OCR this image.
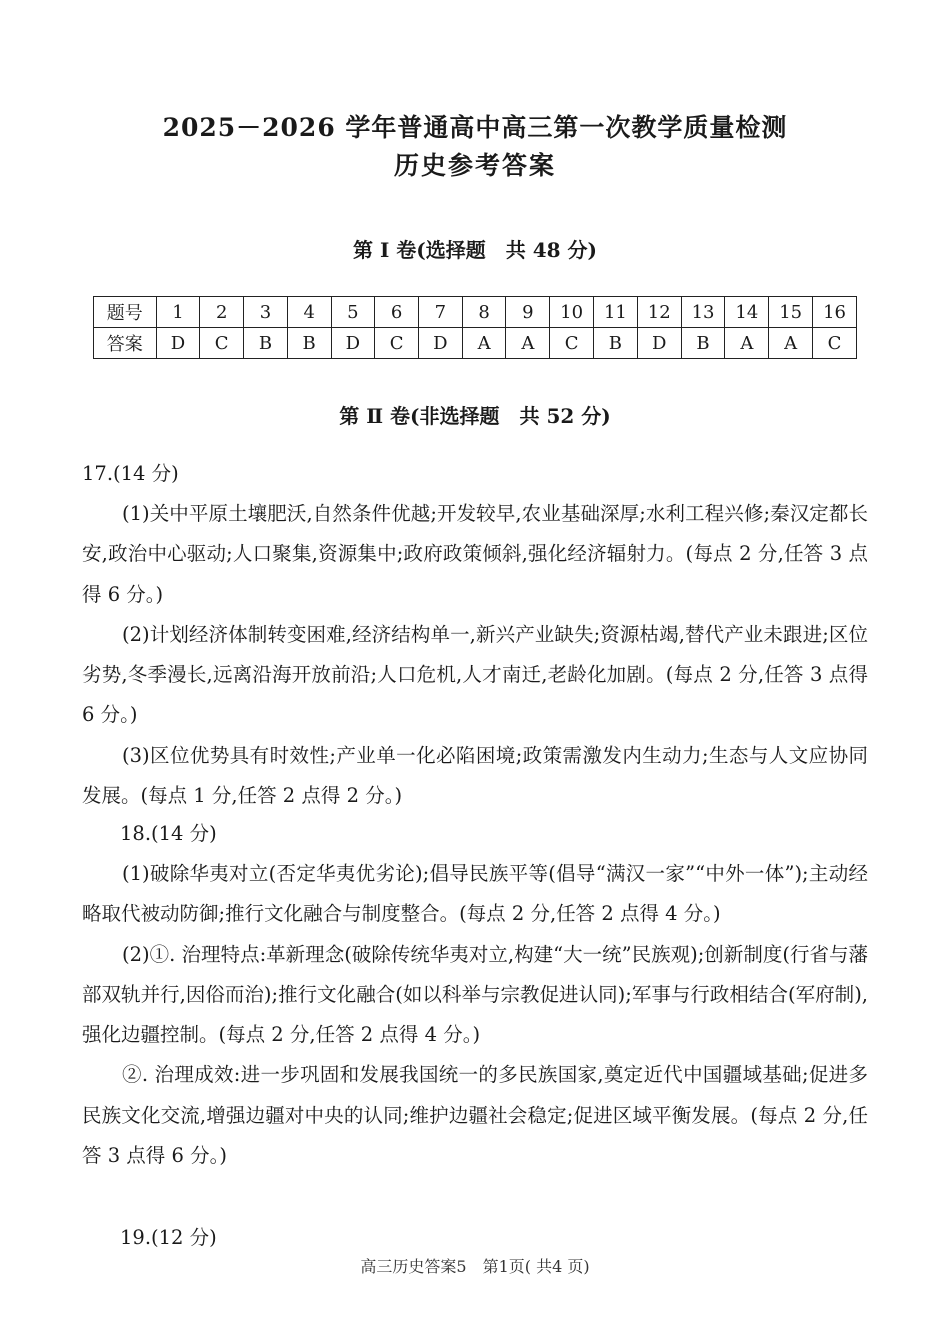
2025－2026 学年普通高中高三第一次教学质量检测
历史参考答案
第 Ⅰ 卷(选择题　共 48 分)
题号	1	2	3	4	5	6	7	8	9	10	11	12	13	14	15	16
答案	D	C	B	B	D	C	D	A	A	C	B	D	B	A	A	C
第 Ⅱ 卷(非选择题　共 52 分)
17.(14 分)

(1)关中平原土壤肥沃,自然条件优越;开发较早,农业基础深厚;水利工程兴修;秦汉定都长安,政治中心驱动;人口聚集,资源集中;政府政策倾斜,强化经济辐射力。(每点 2 分,任答 3 点得 6 分。)

(2)计划经济体制转变困难,经济结构单一,新兴产业缺失;资源枯竭,替代产业未跟进;区位劣势,冬季漫长,远离沿海开放前沿;人口危机,人才南迁,老龄化加剧。(每点 2 分,任答 3 点得 6 分。)

(3)区位优势具有时效性;产业单一化必陷困境;政策需激发内生动力;生态与人文应协同发展。(每点 1 分,任答 2 点得 2 分。)

18.(14 分)

(1)破除华夷对立(否定华夷优劣论);倡导民族平等(倡导“满汉一家”“中外一体”);主动经略取代被动防御;推行文化融合与制度整合。(每点 2 分,任答 2 点得 4 分。)

(2)①. 治理特点:革新理念(破除传统华夷对立,构建“大一统”民族观);创新制度(行省与藩部双轨并行,因俗而治);推行文化融合(如以科举与宗教促进认同);军事与行政相结合(军府制),强化边疆控制。(每点 2 分,任答 2 点得 4 分。)

②. 治理成效:进一步巩固和发展我国统一的多民族国家,奠定近代中国疆域基础;促进多民族文化交流,增强边疆对中央的认同;维护边疆社会稳定;促进区域平衡发展。(每点 2 分,任答 3 点得 6 分。)

19.(12 分)
高三历史答案5　第1页( 共4 页)
